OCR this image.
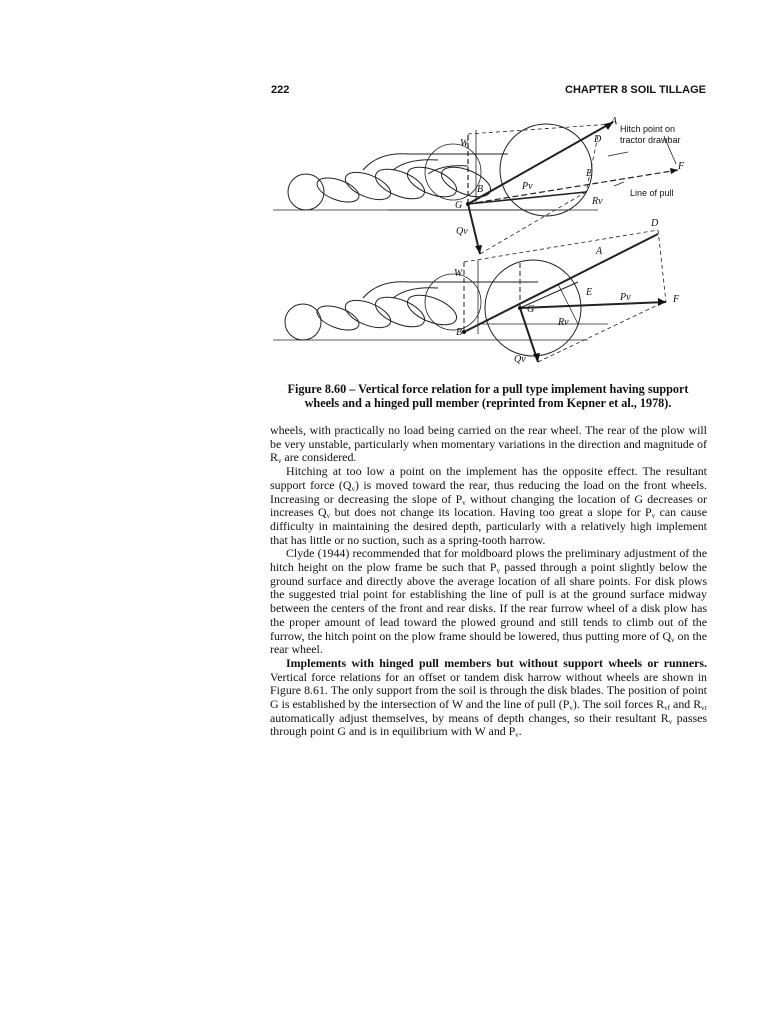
222	CHAPTER 8 SOIL TILLAGE
A
D
W
B
G
E
F
Pv
Rv
Qv
Hitch point on
tractor drawbar
Line of pull
D
A
W
E	Pv	F
G
Rv
B
Qv
Figure 8.60 – Vertical force relation for a pull type implement having support
wheels and a hinged pull member (reprinted from Kepner et al., 1978).

wheels, with practically no load being carried on the rear wheel. The rear of the plow will be very unstable, particularly when momentary variations in the direction and magnitude of $R_v$ are considered.

Hitching at too low a point on the implement has the opposite effect. The resultant support force $(Q_v)$ is moved toward the rear, thus reducing the load on the front wheels. Increasing or decreasing the slope of $P_v$ without changing the location of G decreases or increases $Q_v$ but does not change its location. Having too great a slope for $P_v$ can cause difficulty in maintaining the desired depth, particularly with a relatively high implement that has little or no suction, such as a spring-tooth harrow.

Clyde (1944) recommended that for moldboard plows the preliminary adjustment of the hitch height on the plow frame be such that $P_v$ passed through a point slightly below the ground surface and directly above the average location of all share points. For disk plows the suggested trial point for establishing the line of pull is at the ground surface midway between the centers of the front and rear disks. If the rear furrow wheel of a disk plow has the proper amount of lead toward the plowed ground and still tends to climb out of the furrow, the hitch point on the plow frame should be lowered, thus putting more of $Q_v$ on the rear wheel.

Implements with hinged pull members but without support wheels or runners. Vertical force relations for an offset or tandem disk harrow without wheels are shown in Figure 8.61. The only support from the soil is through the disk blades. The position of point G is established by the intersection of W and the line of pull $(P_v)$. The soil forces $R_{vf}$ and $R_{vr}$ automatically adjust themselves, by means of depth changes, so their resultant $R_v$ passes through point G and is in equilibrium with W and $P_v$.
